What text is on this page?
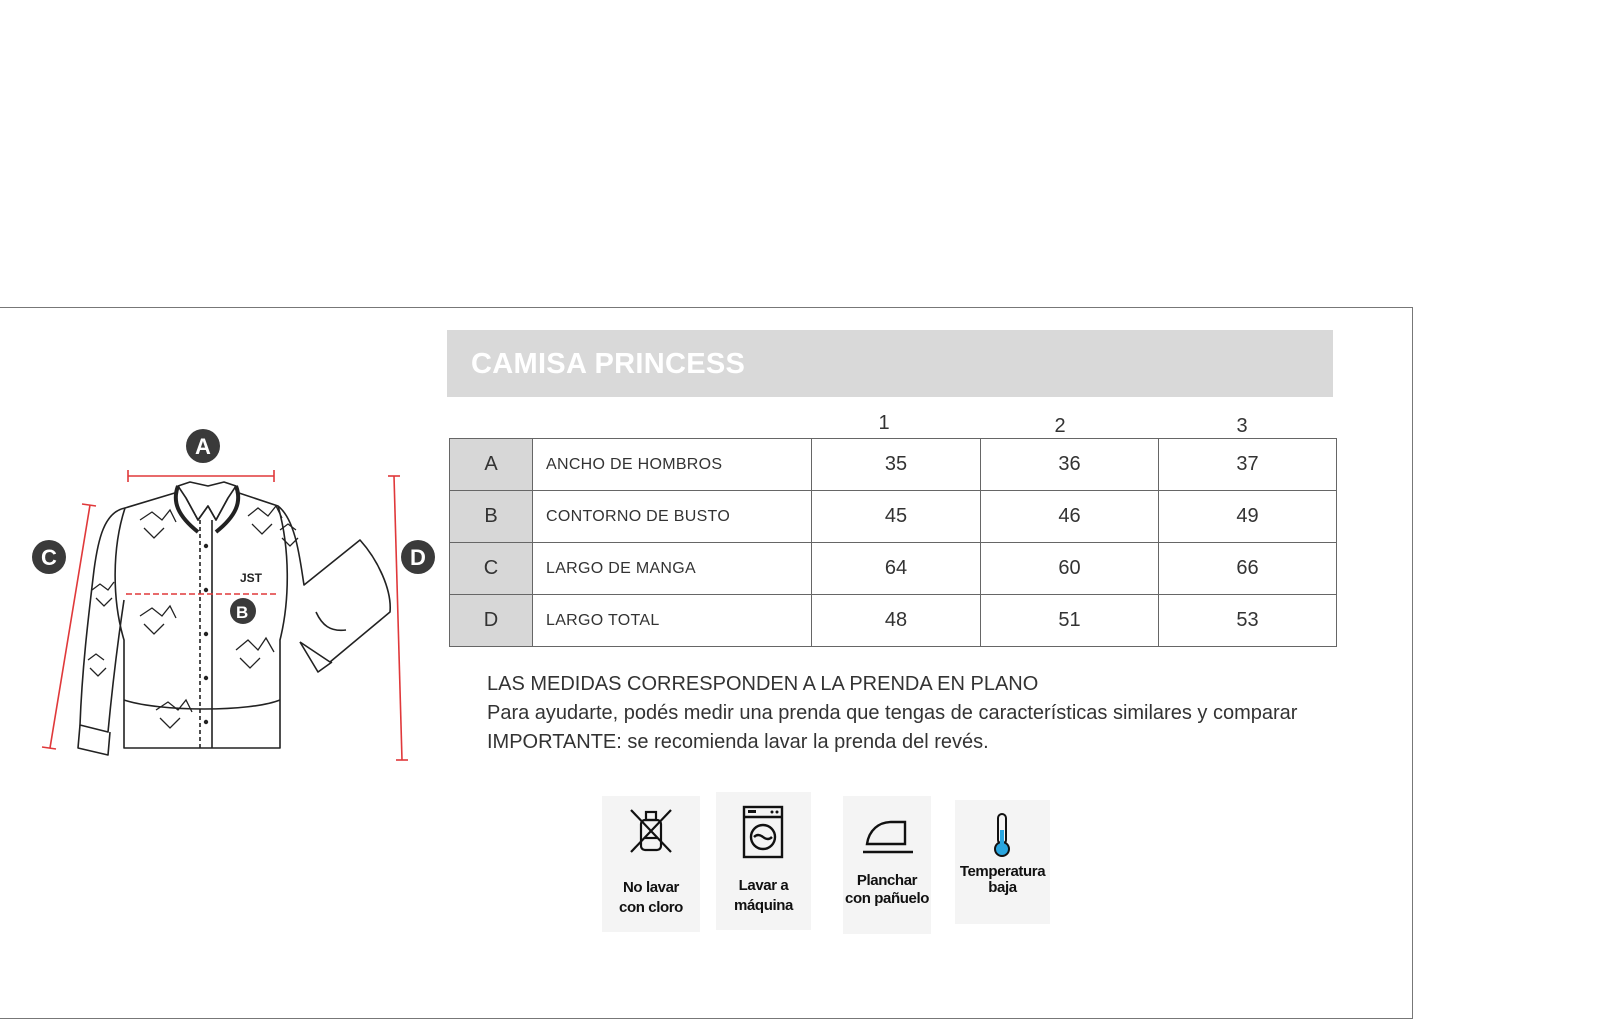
JST
A
B
C	D
CAMISA PRINCESS
1	2	3
A	ANCHO DE HOMBROS	35	36	37
B	CONTORNO DE BUSTO	45	46	49
C	LARGO DE MANGA	64	60	66
D	LARGO TOTAL	48	51	53
LAS MEDIDAS CORRESPONDEN A LA PRENDA EN PLANO
Para ayudarte, podés medir una prenda que tengas de características similares y comparar
IMPORTANTE: se recomienda lavar la prenda del revés.
No lavar
con cloro
Lavar a
máquina
Planchar
con pañuelo
Temperatura
baja
